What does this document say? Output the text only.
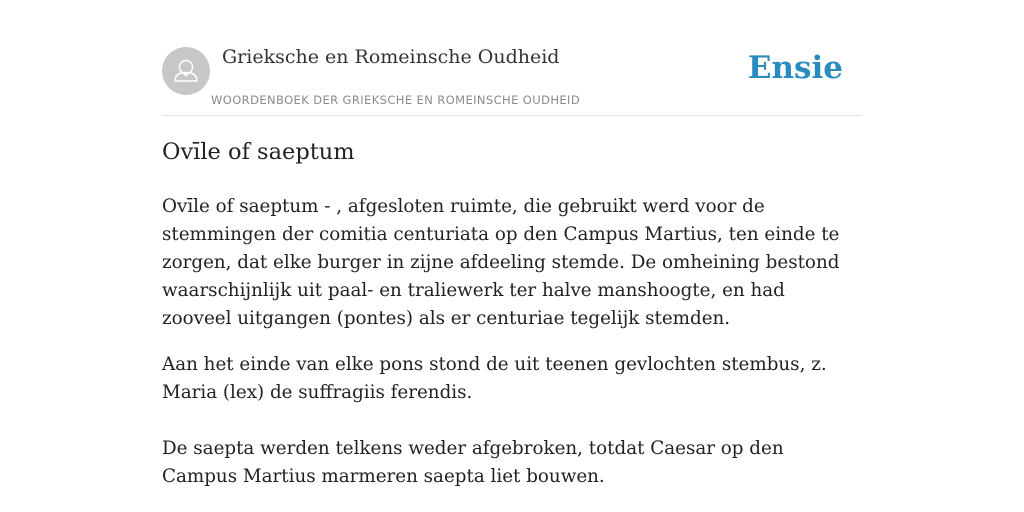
Grieksche en Romeinsche Oudheid
WOORDENBOEK DER GRIEKSCHE EN ROMEINSCHE OUDHEID
Ensie
Ovīle of saeptum

Ovīle of saeptum - , afgesloten ruimte, die gebruikt werd voor de stemmingen der comitia centuriata op den Campus Martius, ten einde te zorgen, dat elke burger in zijne afdeeling stemde. De omheining bestond waarschijnlijk uit paal- en traliewerk ter halve manshoogte, en had zooveel uitgangen (pontes) als er centuriae tegelijk stemden.

Aan het einde van elke pons stond de uit teenen gevlochten stembus, z. Maria (lex) de suffragiis ferendis.

De saepta werden telkens weder afgebroken, totdat Caesar op den Campus Martius marmeren saepta liet bouwen.
